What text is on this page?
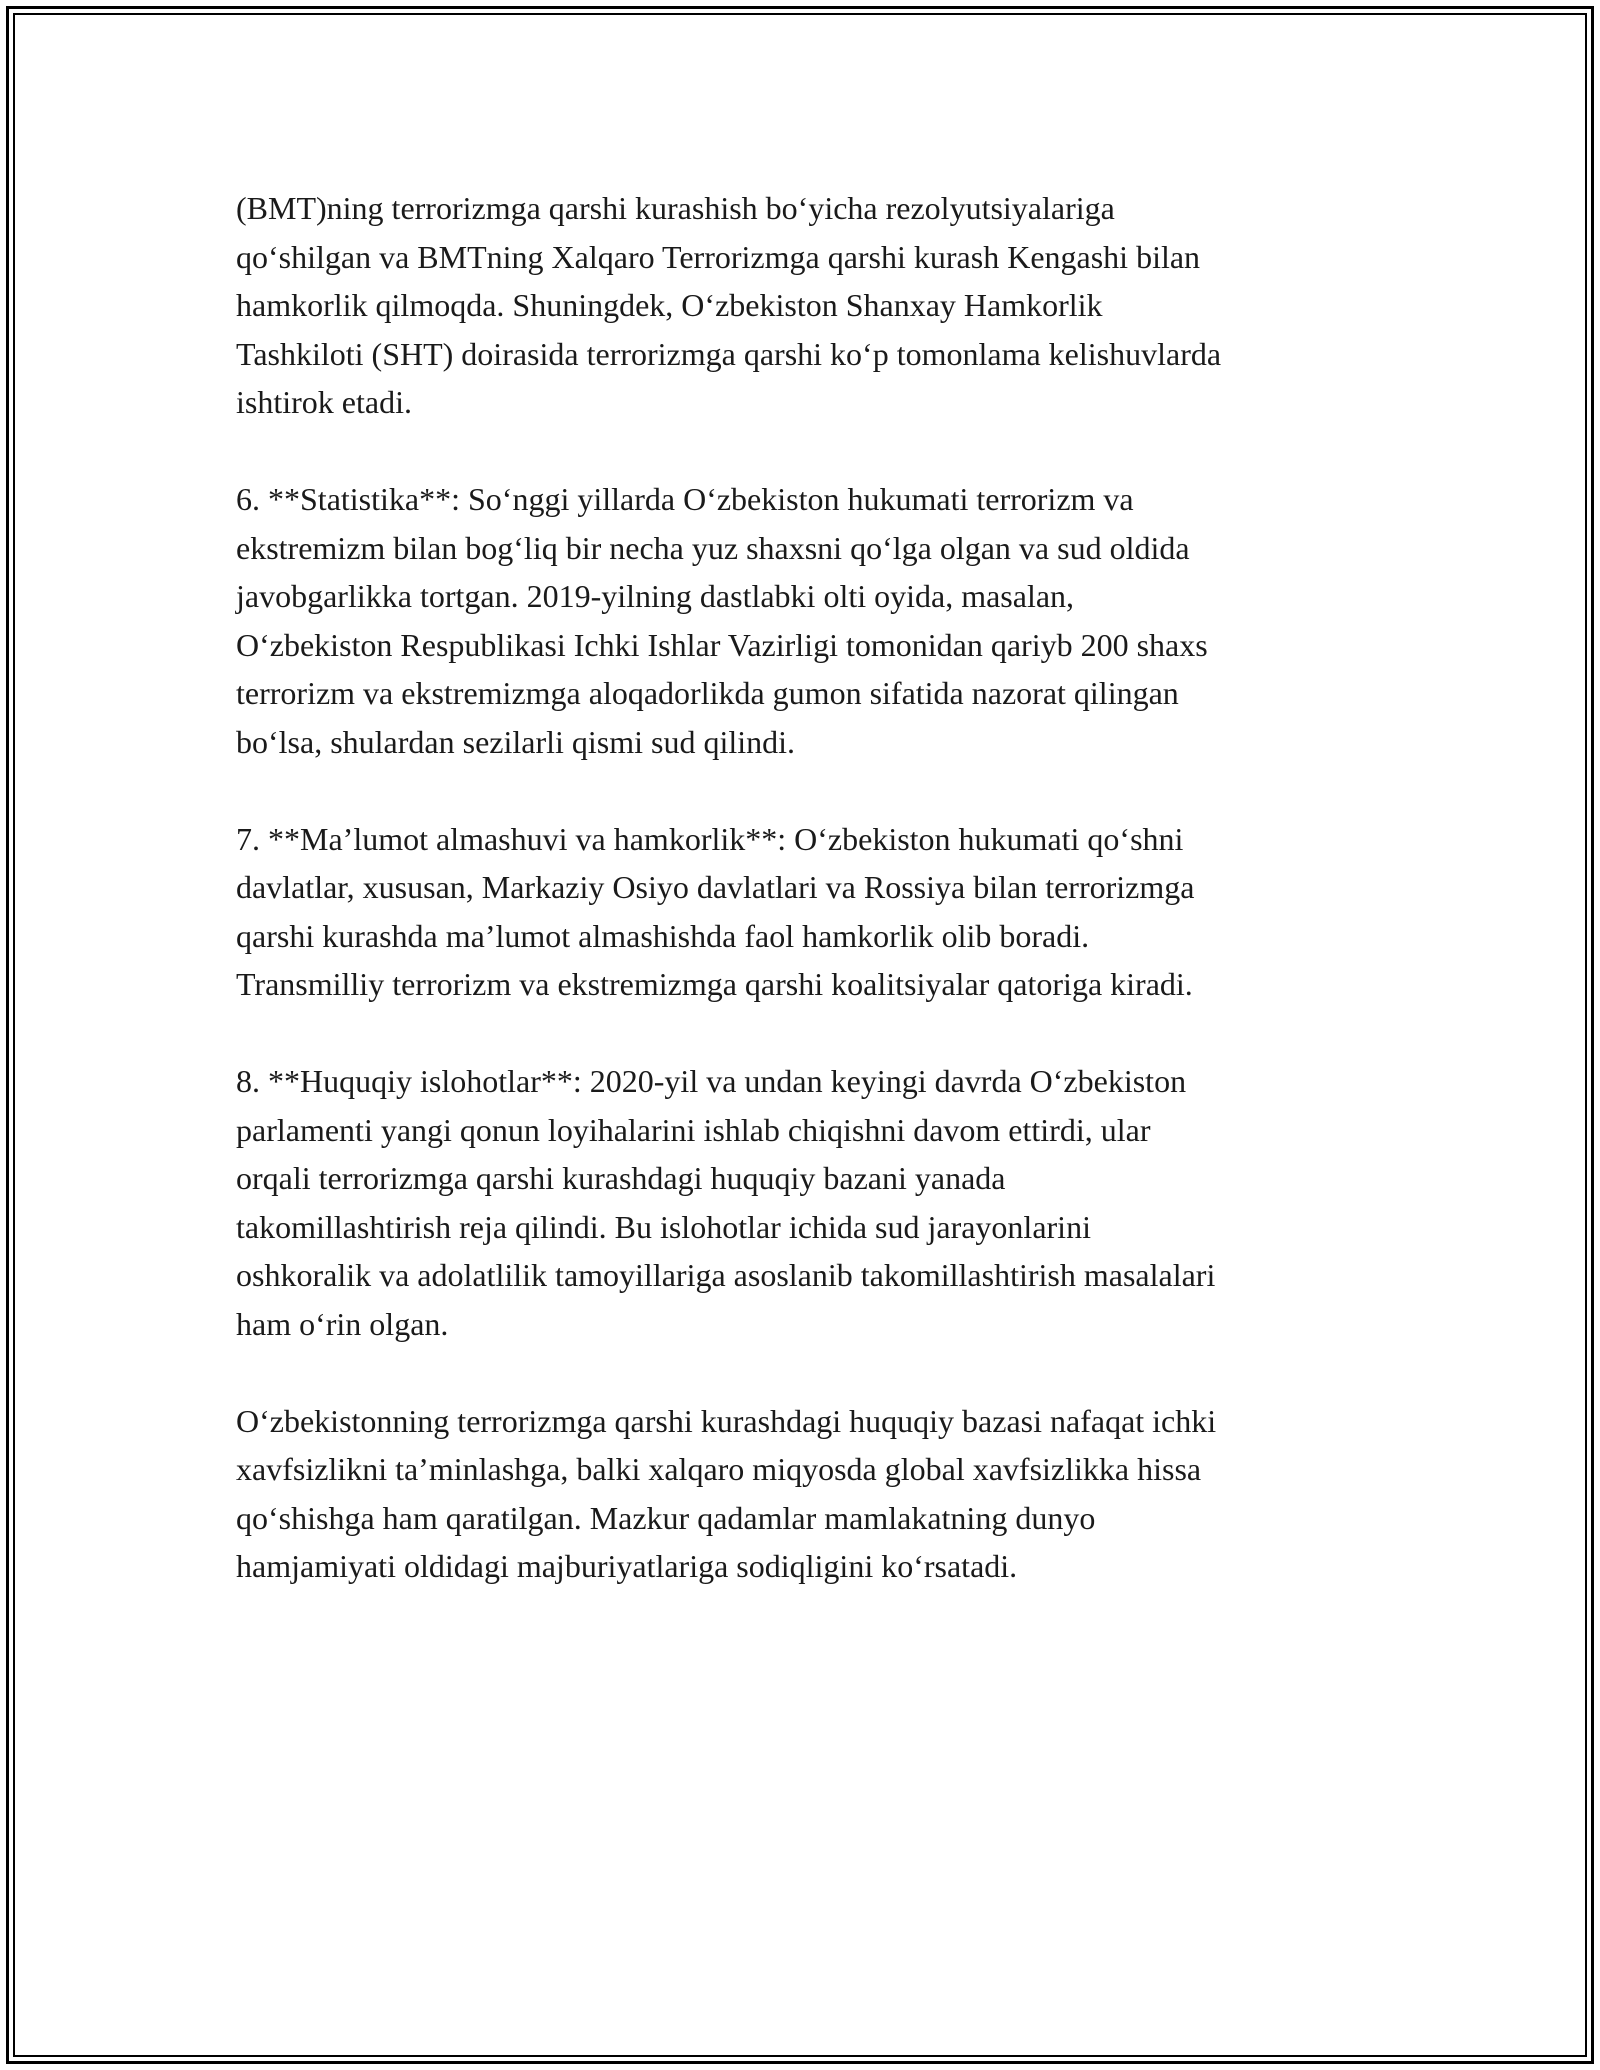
(BMT)ning terrorizmga qarshi kurashish bo‘yicha rezolyutsiyalariga
qo‘shilgan va BMTning Xalqaro Terrorizmga qarshi kurash Kengashi bilan
hamkorlik qilmoqda. Shuningdek, O‘zbekiston Shanxay Hamkorlik
Tashkiloti (SHT) doirasida terrorizmga qarshi ko‘p tomonlama kelishuvlarda
ishtirok etadi.

6. **Statistika**: So‘nggi yillarda O‘zbekiston hukumati terrorizm va
ekstremizm bilan bog‘liq bir necha yuz shaxsni qo‘lga olgan va sud oldida
javobgarlikka tortgan. 2019-yilning dastlabki olti oyida, masalan,
O‘zbekiston Respublikasi Ichki Ishlar Vazirligi tomonidan qariyb 200 shaxs
terrorizm va ekstremizmga aloqadorlikda gumon sifatida nazorat qilingan
bo‘lsa, shulardan sezilarli qismi sud qilindi.

7. **Ma’lumot almashuvi va hamkorlik**: O‘zbekiston hukumati qo‘shni
davlatlar, xususan, Markaziy Osiyo davlatlari va Rossiya bilan terrorizmga
qarshi kurashda ma’lumot almashishda faol hamkorlik olib boradi.
Transmilliy terrorizm va ekstremizmga qarshi koalitsiyalar qatoriga kiradi.

8. **Huquqiy islohotlar**: 2020-yil va undan keyingi davrda O‘zbekiston
parlamenti yangi qonun loyihalarini ishlab chiqishni davom ettirdi, ular
orqali terrorizmga qarshi kurashdagi huquqiy bazani yanada
takomillashtirish reja qilindi. Bu islohotlar ichida sud jarayonlarini
oshkoralik va adolatlilik tamoyillariga asoslanib takomillashtirish masalalari
ham o‘rin olgan.

O‘zbekistonning terrorizmga qarshi kurashdagi huquqiy bazasi nafaqat ichki
xavfsizlikni ta’minlashga, balki xalqaro miqyosda global xavfsizlikka hissa
qo‘shishga ham qaratilgan. Mazkur qadamlar mamlakatning dunyo
hamjamiyati oldidagi majburiyatlariga sodiqligini ko‘rsatadi.
